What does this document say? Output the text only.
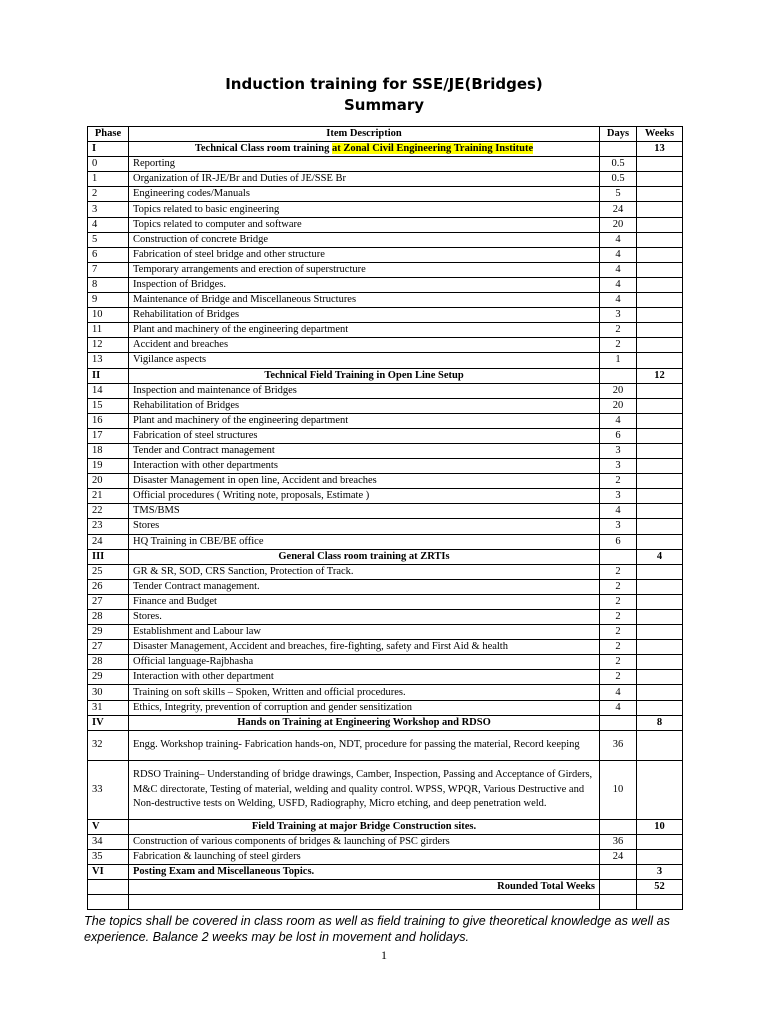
Induction training for SSE/JE(Bridges)
Summary
Phase	Item Description	Days	Weeks
I	Technical Class room training at Zonal Civil Engineering Training Institute		13
0	Reporting	0.5	
1	Organization of IR-JE/Br and Duties of JE/SSE Br	0.5	
2	Engineering codes/Manuals	5	
3	Topics related to basic engineering	24	
4	Topics related to computer and software	20	
5	Construction of concrete Bridge	4	
6	Fabrication of steel bridge and other structure	4	
7	Temporary arrangements and erection of superstructure	4	
8	Inspection of Bridges.	4	
9	Maintenance of Bridge and Miscellaneous Structures	4	
10	Rehabilitation of Bridges	3	
11	Plant and machinery of the engineering department	2	
12	Accident and breaches	2	
13	Vigilance aspects	1	
II	Technical Field Training in Open Line Setup		12
14	Inspection and maintenance of Bridges	20	
15	Rehabilitation of Bridges	20	
16	Plant and machinery of the engineering department	4	
17	Fabrication of steel structures	6	
18	Tender and Contract management	3	
19	Interaction with other departments	3	
20	Disaster Management in open line, Accident and breaches	2	
21	Official procedures ( Writing note, proposals, Estimate )	3	
22	TMS/BMS	4	
23	Stores	3	
24	HQ Training in CBE/BE office	6	
III	General Class room training at ZRTIs		4
25	GR & SR, SOD, CRS Sanction, Protection of Track.	2	
26	Tender Contract management.	2	
27	Finance and Budget	2	
28	Stores.	2	
29	Establishment and Labour law	2	
27	Disaster Management, Accident and breaches, fire-fighting, safety and First Aid & health	2	
28	Official language-Rajbhasha	2	
29	Interaction with other department	2	
30	Training on soft skills – Spoken, Written and official procedures.	4	
31	Ethics, Integrity, prevention of corruption and gender sensitization	4	
IV	Hands on Training at Engineering Workshop and RDSO		8
32	Engg. Workshop training- Fabrication hands-on, NDT, procedure for passing the material, Record keeping	36	
33	RDSO Training– Understanding of bridge drawings, Camber, Inspection, Passing and Acceptance of Girders, M&C directorate, Testing of material, welding and quality control. WPSS, WPQR, Various Destructive and Non-destructive tests on Welding, USFD, Radiography, Micro etching, and deep penetration weld.	10	
V	Field Training at major Bridge Construction sites.		10
34	Construction of various components of bridges & launching of PSC girders	36	
35	Fabrication & launching of steel girders	24	
VI	Posting Exam and Miscellaneous Topics.		3
	Rounded Total Weeks		52

The topics shall be covered in class room as well as field training to give theoretical knowledge as well as experience. Balance 2 weeks may be lost in movement and holidays.
1
